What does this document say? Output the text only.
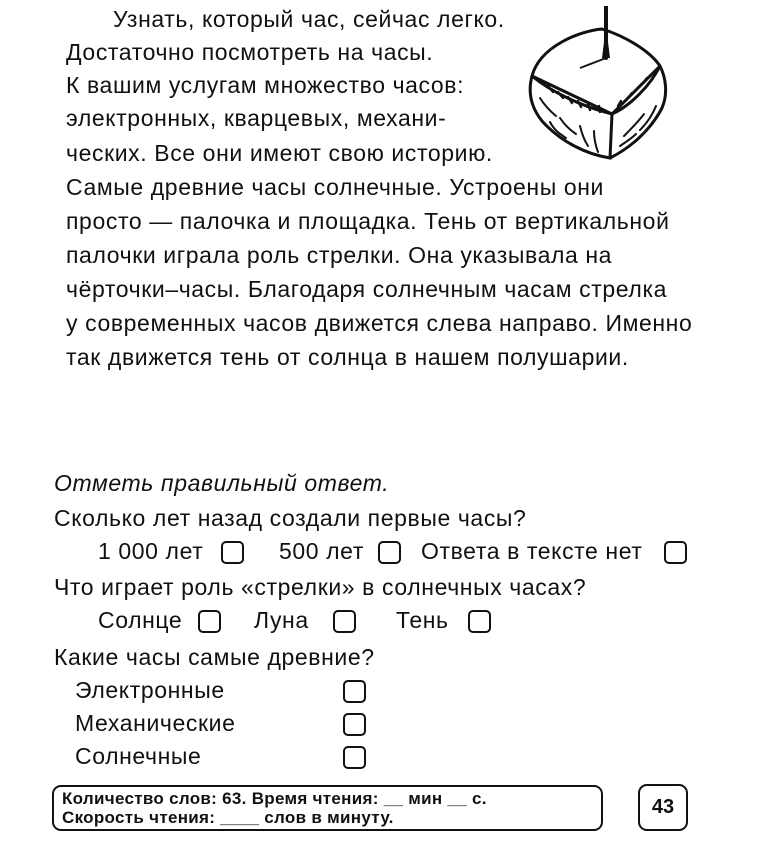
Узнать, который час, сейчас легко.
Достаточно посмотреть на часы.
К вашим услугам множество часов:
электронных, кварцевых, механи-
ческих. Все они имеют свою историю.
Самые древние часы солнечные. Устроены они
просто — палочка и площадка. Тень от вертикальной
палочки играла роль стрелки. Она указывала на
чёрточки–часы. Благодаря солнечным часам стрелка
у современных часов движется слева направо. Именно
так движется тень от солнца в нашем полушарии.
Отметь правильный ответ.
Сколько лет назад создали первые часы?
1 000 лет	500 лет Ответа в тексте нет
Что играет роль «стрелки» в солнечных часах?
Солнце	Луна	Тень
Какие часы самые древние?
Электронные
Механические
Солнечные
Количество слов: 63. Время чтения: __ мин __ с.
Скорость чтения: ____ слов в минуту.	43
